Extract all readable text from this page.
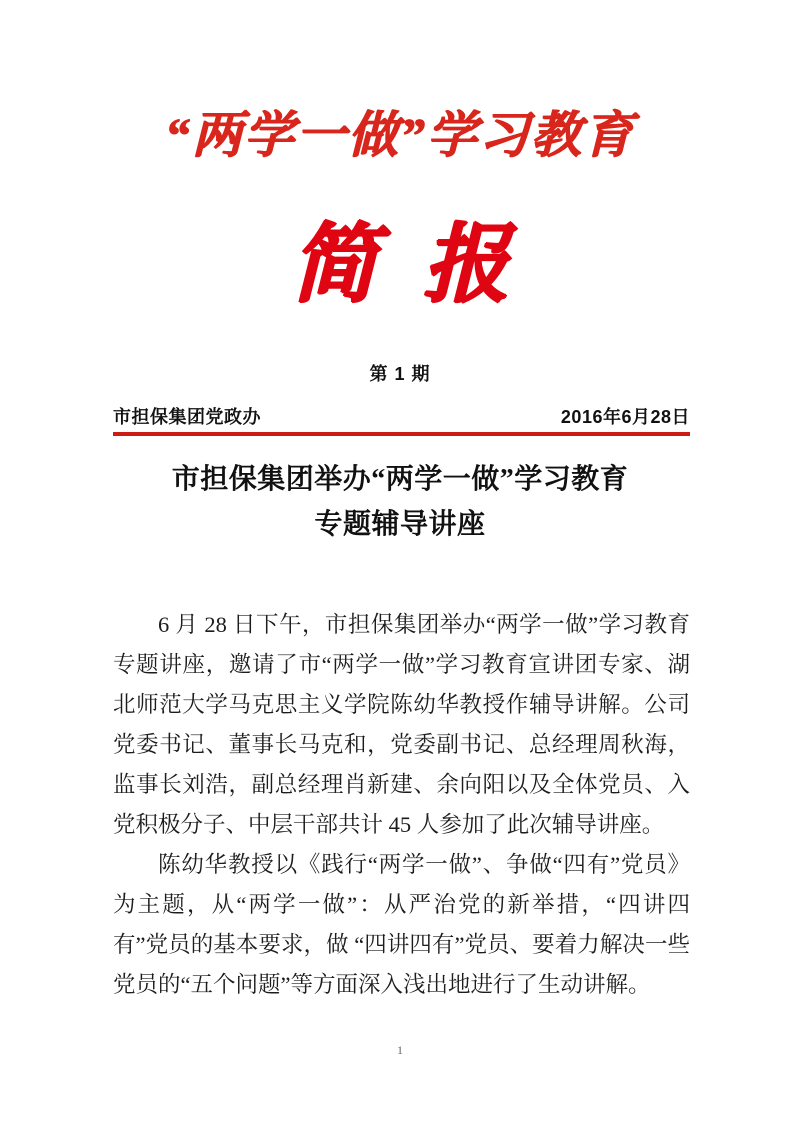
“两学一做”学习教育
简 报
第 1 期
市担保集团党政办	2016年6月28日
市担保集团举办“两学一做”学习教育
专题辅导讲座

6 月 28 日下午，市担保集团举办“两学一做”学习教育专题讲座，邀请了市“两学一做”学习教育宣讲团专家、湖北师范大学马克思主义学院陈幼华教授作辅导讲解。公司党委书记、董事长马克和，党委副书记、总经理周秋海，监事长刘浩，副总经理肖新建、余向阳以及全体党员、入党积极分子、中层干部共计 45 人参加了此次辅导讲座。

陈幼华教授以《践行“两学一做”、争做“四有”党员》为主题，从“两学一做”：从严治党的新举措，“四讲四有”党员的基本要求，做 “四讲四有”党员、要着力解决一些党员的“五个问题”等方面深入浅出地进行了生动讲解。

1
